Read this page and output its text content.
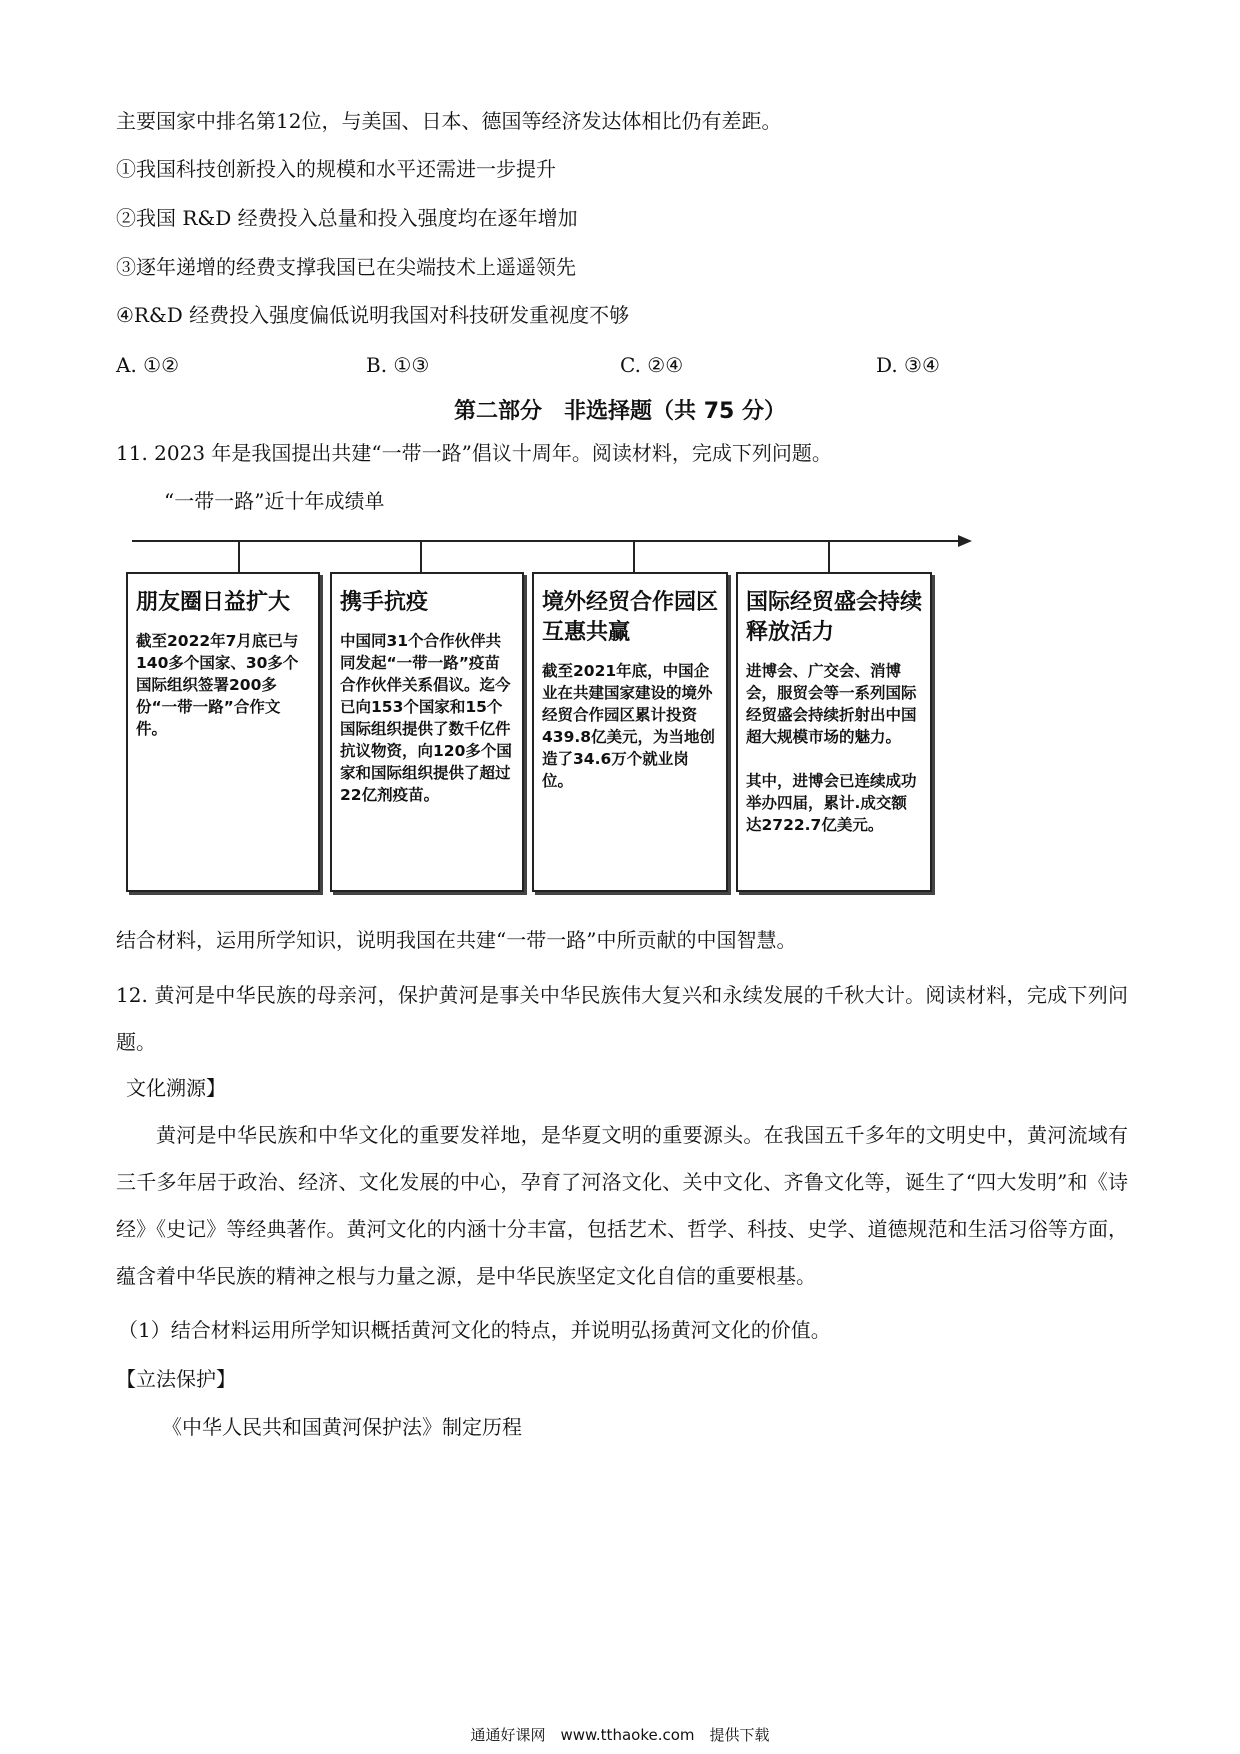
主要国家中排名第12位，与美国、日本、德国等经济发达体相比仍有差距。
①我国科技创新投入的规模和水平还需进一步提升
②我国 R&D 经费投入总量和投入强度均在逐年增加
③逐年递增的经费支撑我国已在尖端技术上遥遥领先
④R&D 经费投入强度偏低说明我国对科技研发重视度不够
A. ①②	B. ①③	C. ②④	D. ③④
第二部分　非选择题（共 75 分）
11. 2023 年是我国提出共建“一带一路”倡议十周年。阅读材料，完成下列问题。
“一带一路”近十年成绩单
朋友圈日益扩大
截至2022年7月底已与140多个国家、30多个国际组织签署200多份“一带一路”合作文件。
携手抗疫
中国同31个合作伙伴共同发起“一带一路”疫苗合作伙伴关系倡议。迄今已向153个国家和15个国际组织提供了数千亿件抗议物资，向120多个国家和国际组织提供了超过22亿剂疫苗。
境外经贸合作园区互惠共赢
截至2021年底，中国企业在共建国家建设的境外经贸合作园区累计投资439.8亿美元，为当地创造了34.6万个就业岗位。
国际经贸盛会持续释放活力
进博会、广交会、消博会，服贸会等一系列国际经贸盛会持续折射出中国超大规模市场的魅力。

其中，进博会已连续成功举办四届，累计.成交额达2722.7亿美元。
结合材料，运用所学知识，说明我国在共建“一带一路”中所贡献的中国智慧。
12. 黄河是中华民族的母亲河，保护黄河是事关中华民族伟大复兴和永续发展的千秋大计。阅读材料，完成下列问题。
文化溯源】
黄河是中华民族和中华文化的重要发祥地，是华夏文明的重要源头。在我国五千多年的文明史中，黄河流域有三千多年居于政治、经济、文化发展的中心，孕育了河洛文化、关中文化、齐鲁文化等，诞生了“四大发明”和《诗经》《史记》等经典著作。黄河文化的内涵十分丰富，包括艺术、哲学、科技、史学、道德规范和生活习俗等方面，蕴含着中华民族的精神之根与力量之源，是中华民族坚定文化自信的重要根基。
（1）结合材料运用所学知识概括黄河文化的特点，并说明弘扬黄河文化的价值。
【立法保护】
《中华人民共和国黄河保护法》制定历程
通通好课网　www.tthaoke.com　提供下载
